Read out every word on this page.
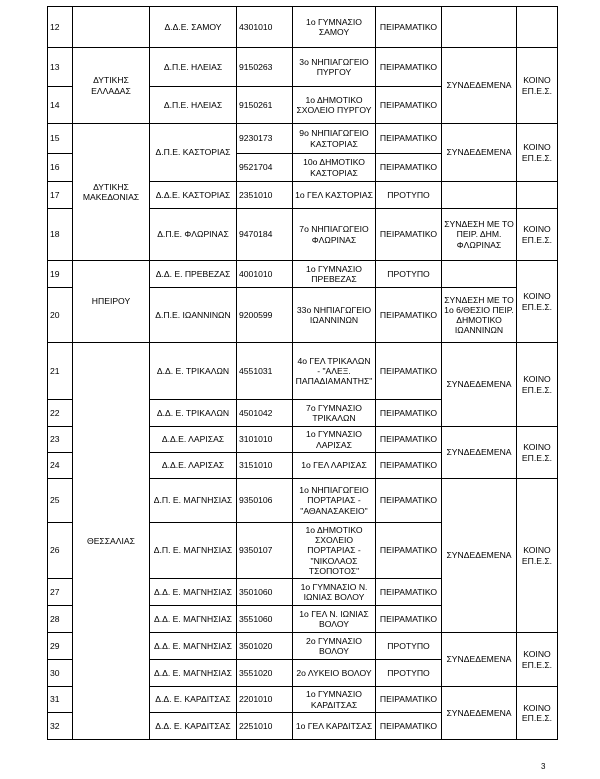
12		Δ.Δ.Ε. ΣΑΜΟΥ	4301010	1ο ΓΥΜΝΑΣΙΟ ΣΑΜΟΥ	ΠΕΙΡΑΜΑΤΙΚΟ		
13	ΔΥΤΙΚΗΣ ΕΛΛΑΔΑΣ	Δ.Π.Ε. ΗΛΕΙΑΣ	9150263	3ο ΝΗΠΙΑΓΩΓΕΙΟ ΠΥΡΓΟΥ	ΠΕΙΡΑΜΑΤΙΚΟ	ΣΥΝΔΕΔΕΜΕΝΑ	ΚΟΙΝΟ ΕΠ.Ε.Σ.
14		Δ.Π.Ε. ΗΛΕΙΑΣ	9150261	1ο ΔΗΜΟΤΙΚΟ ΣΧΟΛΕΙΟ ΠΥΡΓΟΥ	ΠΕΙΡΑΜΑΤΙΚΟ		
15	ΔΥΤΙΚΗΣ ΜΑΚΕΔΟΝΙΑΣ	Δ.Π.Ε. ΚΑΣΤΟΡΙΑΣ	9230173	9ο ΝΗΠΙΑΓΩΓΕΙΟ ΚΑΣΤΟΡΙΑΣ	ΠΕΙΡΑΜΑΤΙΚΟ	ΣΥΝΔΕΔΕΜΕΝΑ	ΚΟΙΝΟ ΕΠ.Ε.Σ.
16			9521704	10ο ΔΗΜΟΤΙΚΟ ΚΑΣΤΟΡΙΑΣ	ΠΕΙΡΑΜΑΤΙΚΟ		
17		Δ.Δ.Ε. ΚΑΣΤΟΡΙΑΣ	2351010	1ο ΓΕΛ ΚΑΣΤΟΡΙΑΣ	ΠΡΟΤΥΠΟ		
18		Δ.Π.Ε. ΦΛΩΡΙΝΑΣ	9470184	7ο ΝΗΠΙΑΓΩΓΕΙΟ ΦΛΩΡΙΝΑΣ	ΠΕΙΡΑΜΑΤΙΚΟ	ΣΥΝΔΕΣΗ ΜΕ ΤΟ ΠΕΙΡ. ΔΗΜ. ΦΛΩΡΙΝΑΣ	ΚΟΙΝΟ ΕΠ.Ε.Σ.
19	ΗΠΕΙΡΟΥ	Δ.Δ. Ε. ΠΡΕΒΕΖΑΣ	4001010	1ο ΓΥΜΝΑΣΙΟ ΠΡΕΒΕΖΑΣ	ΠΡΟΤΥΠΟ		ΚΟΙΝΟ ΕΠ.Ε.Σ.
20		Δ.Π.Ε. ΙΩΑΝΝΙΝΩΝ	9200599	33ο ΝΗΠΙΑΓΩΓΕΙΟ ΙΩΑΝΝΙΝΩΝ	ΠΕΙΡΑΜΑΤΙΚΟ	ΣΥΝΔΕΣΗ ΜΕ ΤΟ 1ο 6/ΘΕΣΙΟ ΠΕΙΡ. ΔΗΜΟΤΙΚΟ ΙΩΑΝΝΙΝΩΝ	
21	ΘΕΣΣΑΛΙΑΣ	Δ.Δ. Ε. ΤΡΙΚΑΛΩΝ	4551031	4ο ΓΕΛ ΤΡΙΚΑΛΩΝ - "ΑΛΕΞ. ΠΑΠΑΔΙΑΜΑΝΤΗΣ"	ΠΕΙΡΑΜΑΤΙΚΟ	ΣΥΝΔΕΔΕΜΕΝΑ	ΚΟΙΝΟ ΕΠ.Ε.Σ.
22		Δ.Δ. Ε. ΤΡΙΚΑΛΩΝ	4501042	7ο ΓΥΜΝΑΣΙΟ ΤΡΙΚΑΛΩΝ	ΠΕΙΡΑΜΑΤΙΚΟ		
23		Δ.Δ.Ε. ΛΑΡΙΣΑΣ	3101010	1ο ΓΥΜΝΑΣΙΟ ΛΑΡΙΣΑΣ	ΠΕΙΡΑΜΑΤΙΚΟ	ΣΥΝΔΕΔΕΜΕΝΑ	ΚΟΙΝΟ ΕΠ.Ε.Σ.
24		Δ.Δ.Ε. ΛΑΡΙΣΑΣ	3151010	1ο ΓΕΛ ΛΑΡΙΣΑΣ	ΠΕΙΡΑΜΑΤΙΚΟ		
25		Δ.Π. Ε. ΜΑΓΝΗΣΙΑΣ	9350106	1ο ΝΗΠΙΑΓΩΓΕΙΟ ΠΟΡΤΑΡΙΑΣ - "ΑΘΑΝΑΣΑΚΕΙΟ"	ΠΕΙΡΑΜΑΤΙΚΟ	ΣΥΝΔΕΔΕΜΕΝΑ	ΚΟΙΝΟ ΕΠ.Ε.Σ.
26		Δ.Π. Ε. ΜΑΓΝΗΣΙΑΣ	9350107	1ο ΔΗΜΟΤΙΚΟ ΣΧΟΛΕΙΟ ΠΟΡΤΑΡΙΑΣ - "ΝΙΚΟΛΑΟΣ ΤΣΟΠΟΤΟΣ"	ΠΕΙΡΑΜΑΤΙΚΟ		
27		Δ.Δ. Ε. ΜΑΓΝΗΣΙΑΣ	3501060	1ο ΓΥΜΝΑΣΙΟ Ν. ΙΩΝΙΑΣ ΒΟΛΟΥ	ΠΕΙΡΑΜΑΤΙΚΟ		
28		Δ.Δ. Ε. ΜΑΓΝΗΣΙΑΣ	3551060	1ο ΓΕΛ Ν. ΙΩΝΙΑΣ ΒΟΛΟΥ	ΠΕΙΡΑΜΑΤΙΚΟ		
29		Δ.Δ. Ε. ΜΑΓΝΗΣΙΑΣ	3501020	2ο ΓΥΜΝΑΣΙΟ ΒΟΛΟΥ	ΠΡΟΤΥΠΟ	ΣΥΝΔΕΔΕΜΕΝΑ	ΚΟΙΝΟ ΕΠ.Ε.Σ.
30		Δ.Δ. Ε. ΜΑΓΝΗΣΙΑΣ	3551020	2ο ΛΥΚΕΙΟ ΒΟΛΟΥ	ΠΡΟΤΥΠΟ		
31		Δ.Δ. Ε. ΚΑΡΔΙΤΣΑΣ	2201010	1ο ΓΥΜΝΑΣΙΟ ΚΑΡΔΙΤΣΑΣ	ΠΕΙΡΑΜΑΤΙΚΟ	ΣΥΝΔΕΔΕΜΕΝΑ	ΚΟΙΝΟ ΕΠ.Ε.Σ.
32		Δ.Δ. Ε. ΚΑΡΔΙΤΣΑΣ	2251010	1ο ΓΕΛ ΚΑΡΔΙΤΣΑΣ	ΠΕΙΡΑΜΑΤΙΚΟ		
3
